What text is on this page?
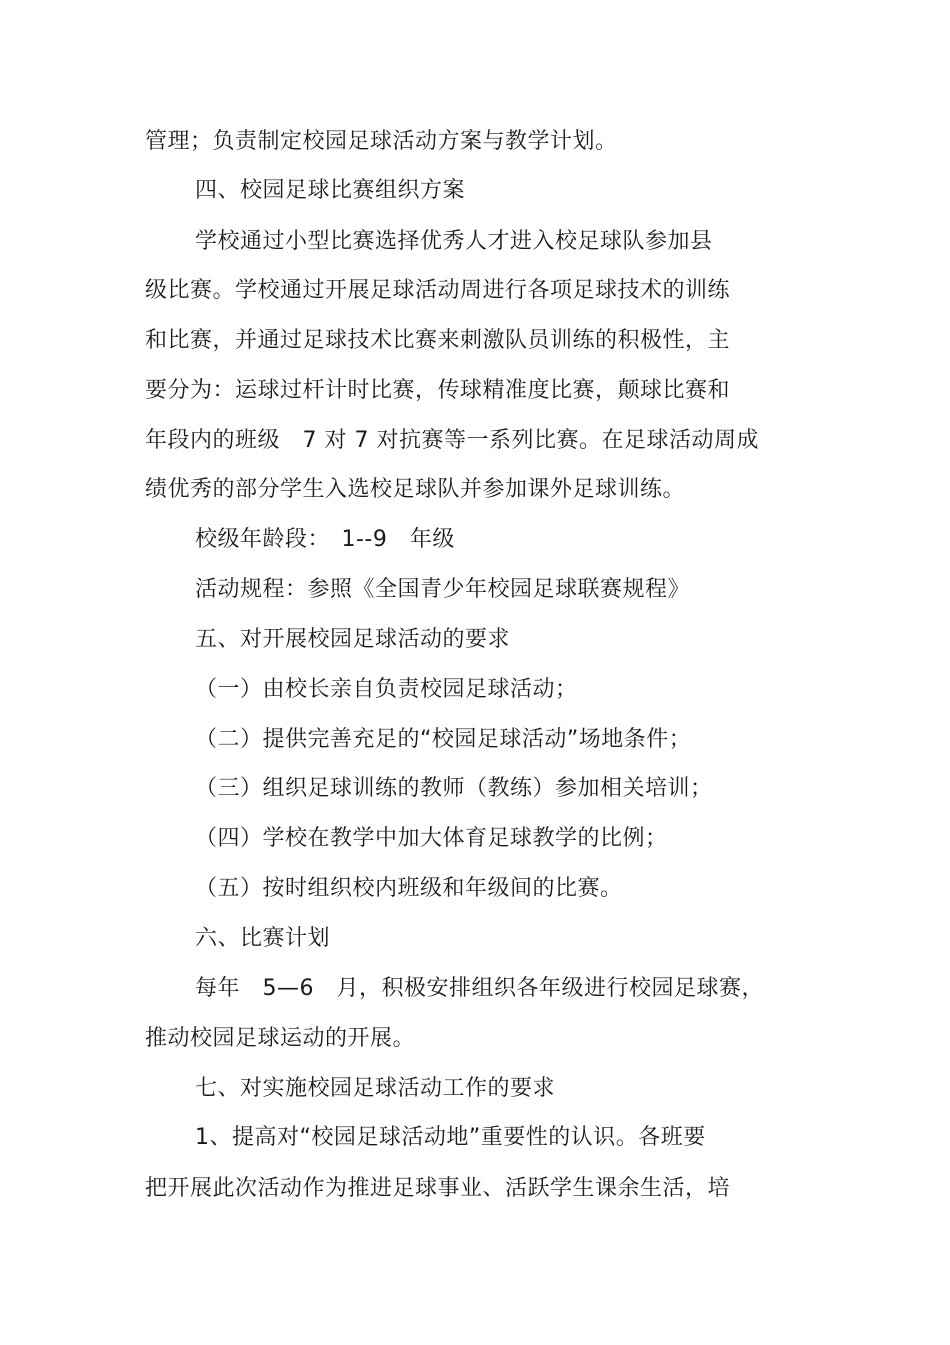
管理；负责制定校园足球活动方案与教学计划。
四、校园足球比赛组织方案
学校通过小型比赛选择优秀人才进入校足球队参加县
级比赛。学校通过开展足球活动周进行各项足球技术的训练
和比赛，并通过足球技术比赛来刺激队员训练的积极性，主
要分为：运球过杆计时比赛，传球精准度比赛，颠球比赛和
年段内的班级　7 对 7 对抗赛等一系列比赛。在足球活动周成
绩优秀的部分学生入选校足球队并参加课外足球训练。
校级年龄段：　1--9　年级
活动规程：参照《全国青少年校园足球联赛规程》
五、对开展校园足球活动的要求
（一）由校长亲自负责校园足球活动；
（二）提供完善充足的“校园足球活动”场地条件；
（三）组织足球训练的教师（教练）参加相关培训；
（四）学校在教学中加大体育足球教学的比例；
（五）按时组织校内班级和年级间的比赛。
六、比赛计划
每年　5—6　月，积极安排组织各年级进行校园足球赛，
推动校园足球运动的开展。
七、对实施校园足球活动工作的要求
1、提高对“校园足球活动地”重要性的认识。各班要
把开展此次活动作为推进足球事业、活跃学生课余生活，培
